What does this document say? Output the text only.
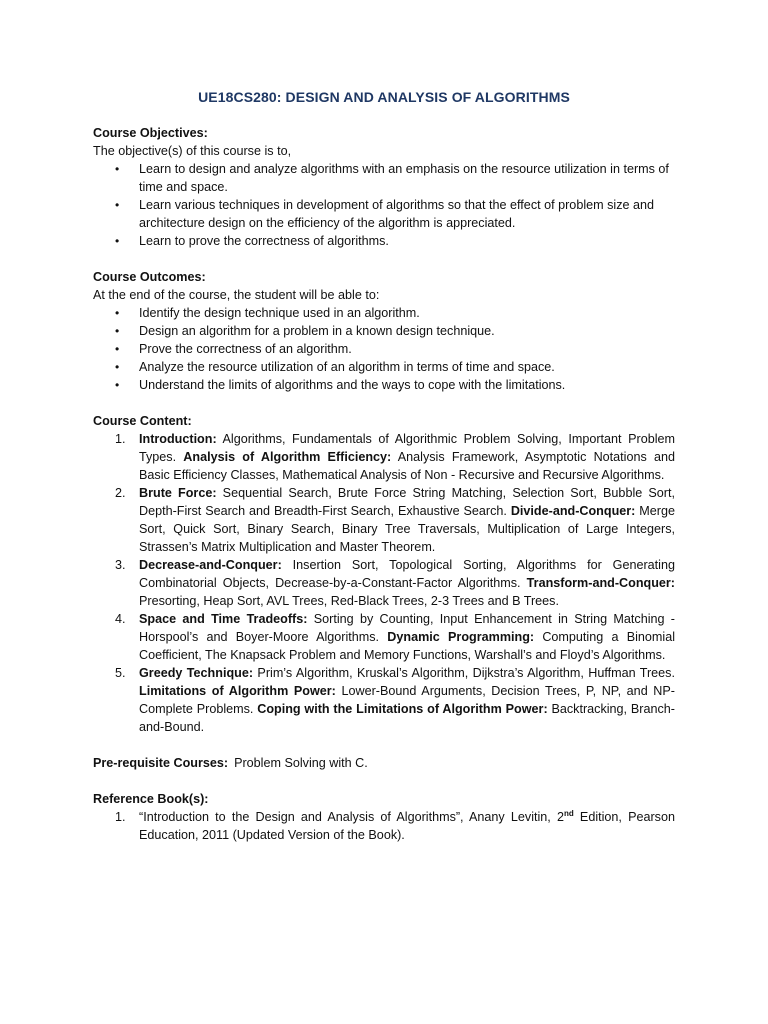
UE18CS280: DESIGN AND ANALYSIS OF ALGORITHMS
Course Objectives:
The objective(s) of this course is to,
• Learn to design and analyze algorithms with an emphasis on the resource utilization in terms of time and space.
• Learn various techniques in development of algorithms so that the effect of problem size and architecture design on the efficiency of the algorithm is appreciated.
• Learn to prove the correctness of algorithms.
Course Outcomes:
At the end of the course, the student will be able to:
• Identify the design technique used in an algorithm.
• Design an algorithm for a problem in a known design technique.
• Prove the correctness of an algorithm.
• Analyze the resource utilization of an algorithm in terms of time and space.
• Understand the limits of algorithms and the ways to cope with the limitations.
Course Content:
1. Introduction: Algorithms, Fundamentals of Algorithmic Problem Solving, Important Problem Types. Analysis of Algorithm Efficiency: Analysis Framework, Asymptotic Notations and Basic Efficiency Classes, Mathematical Analysis of Non - Recursive and Recursive Algorithms.
2. Brute Force: Sequential Search, Brute Force String Matching, Selection Sort, Bubble Sort, Depth-First Search and Breadth-First Search, Exhaustive Search. Divide-and-Conquer: Merge Sort, Quick Sort, Binary Search, Binary Tree Traversals, Multiplication of Large Integers, Strassen’s Matrix Multiplication and Master Theorem.
3. Decrease-and-Conquer: Insertion Sort, Topological Sorting, Algorithms for Generating Combinatorial Objects, Decrease-by-a-Constant-Factor Algorithms. Transform-and-Conquer: Presorting, Heap Sort, AVL Trees, Red-Black Trees, 2-3 Trees and B Trees.
4. Space and Time Tradeoffs: Sorting by Counting, Input Enhancement in String Matching - Horspool’s and Boyer-Moore Algorithms. Dynamic Programming: Computing a Binomial Coefficient, The Knapsack Problem and Memory Functions, Warshall’s and Floyd’s Algorithms.
5. Greedy Technique: Prim’s Algorithm, Kruskal’s Algorithm, Dijkstra’s Algorithm, Huffman Trees. Limitations of Algorithm Power: Lower-Bound Arguments, Decision Trees, P, NP, and NP-Complete Problems. Coping with the Limitations of Algorithm Power: Backtracking, Branch-and-Bound.
Pre-requisite Courses: Problem Solving with C.
Reference Book(s):
1. “Introduction to the Design and Analysis of Algorithms”, Anany Levitin, 2nd Edition, Pearson Education, 2011 (Updated Version of the Book).
